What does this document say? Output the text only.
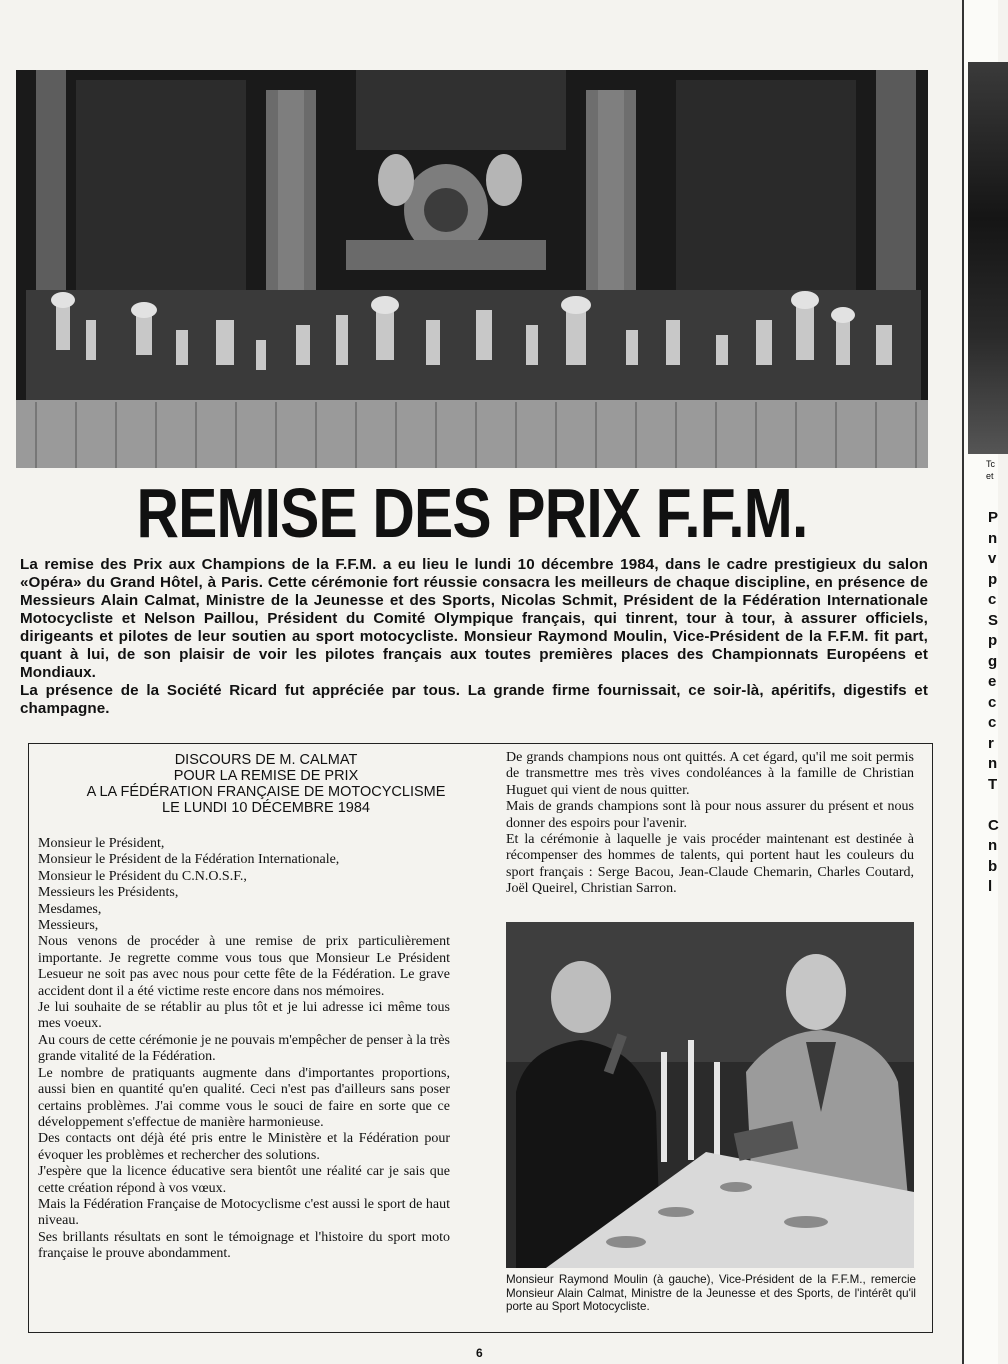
Tc
et
P
n
v
p
c
S
p
g
e
c
c
r
n
T

C
n
b
l
REMISE DES PRIX F.F.M.

La remise des Prix aux Champions de la F.F.M. a eu lieu le lundi 10 décembre 1984, dans le cadre prestigieux du salon «Opéra» du Grand Hôtel, à Paris. Cette cérémonie fort réussie consacra les meilleurs de chaque discipline, en présence de Messieurs Alain Calmat, Ministre de la Jeunesse et des Sports, Nicolas Schmit, Président de la Fédération Internationale Motocycliste et Nelson Paillou, Président du Comité Olympique français, qui tinrent, tour à tour, à assurer officiels, dirigeants et pilotes de leur soutien au sport motocycliste. Monsieur Raymond Moulin, Vice-Président de la F.F.M. fit part, quant à lui, de son plaisir de voir les pilotes français aux toutes premières places des Championnats Européens et Mondiaux.

La présence de la Société Ricard fut appréciée par tous. La grande firme fournissait, ce soir-là, apéritifs, digestifs et champagne.

DISCOURS DE M. CALMAT
POUR LA REMISE DE PRIX
A LA FÉDÉRATION FRANÇAISE DE MOTOCYCLISME
LE LUNDI 10 DÉCEMBRE 1984
Monsieur le Président,
Monsieur le Président de la Fédération Internationale,
Monsieur le Président du C.N.O.S.F.,
Messieurs les Présidents,
Mesdames,
Messieurs,

Nous venons de procéder à une remise de prix particulièrement importante. Je regrette comme vous tous que Monsieur Le Président Lesueur ne soit pas avec nous pour cette fête de la Fédération. Le grave accident dont il a été victime reste encore dans nos mémoires.

Je lui souhaite de se rétablir au plus tôt et je lui adresse ici même tous mes voeux.

Au cours de cette cérémonie je ne pouvais m'empêcher de penser à la très grande vitalité de la Fédération.

Le nombre de pratiquants augmente dans d'importantes proportions, aussi bien en quantité qu'en qualité. Ceci n'est pas d'ailleurs sans poser certains problèmes. J'ai comme vous le souci de faire en sorte que ce développement s'effectue de manière harmonieuse.

Des contacts ont déjà été pris entre le Ministère et la Fédération pour évoquer les problèmes et rechercher des solutions.

J'espère que la licence éducative sera bientôt une réalité car je sais que cette création répond à vos vœux.

Mais la Fédération Française de Motocyclisme c'est aussi le sport de haut niveau.

Ses brillants résultats en sont le témoignage et l'histoire du sport moto française le prouve abondamment.

De grands champions nous ont quittés. A cet égard, qu'il me soit permis de transmettre mes très vives condoléances à la famille de Christian Huguet qui vient de nous quitter.

Mais de grands champions sont là pour nous assurer du présent et nous donner des espoirs pour l'avenir.

Et la cérémonie à laquelle je vais procéder maintenant est destinée à récompenser des hommes de talents, qui portent haut les couleurs du sport français : Serge Bacou, Jean-Claude Chemarin, Charles Coutard, Joël Queirel, Christian Sarron.

Monsieur Raymond Moulin (à gauche), Vice-Président de la F.F.M., remercie Monsieur Alain Calmat, Ministre de la Jeunesse et des Sports, de l'intérêt qu'il porte au Sport Motocycliste.
6
